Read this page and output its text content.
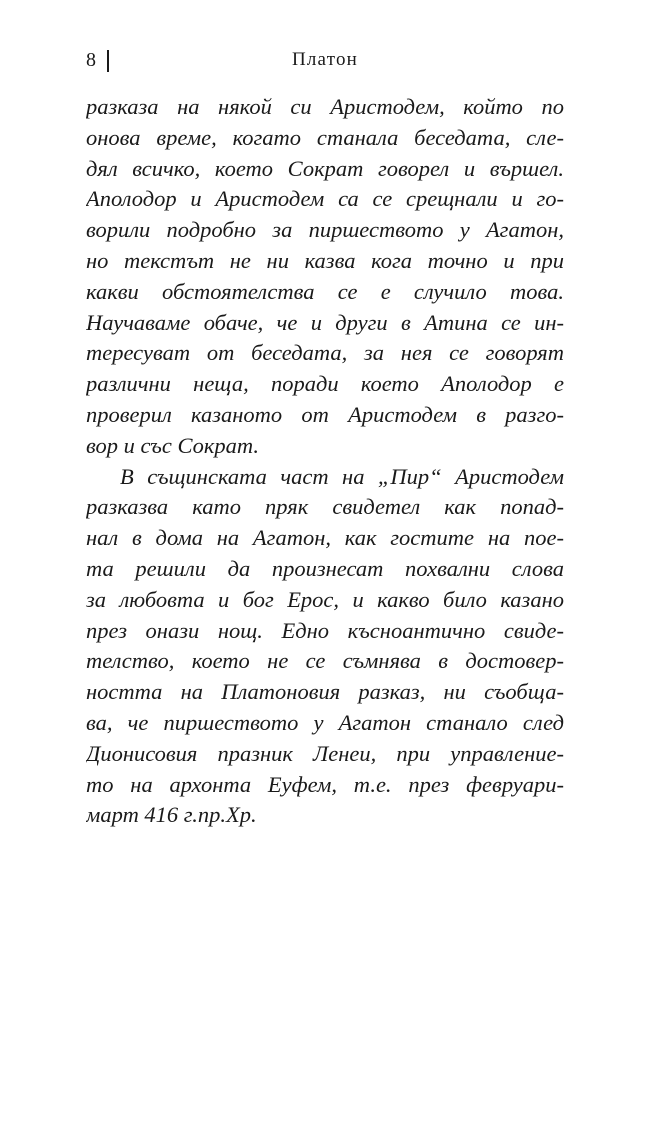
8	Платон
разказа на някой си Аристодем, който по
онова време, когато станала беседата, сле-
дял всичко, което Сократ говорел и вършел.
Аполодор и Аристодем са се срещнали и го-
ворили подробно за пиршеството у Агатон,
но текстът не ни казва кога точно и при
какви обстоятелства се е случило това.
Научаваме обаче, че и други в Атина се ин-
тересуват от беседата, за нея се говорят
различни неща, поради което Аполодор е
проверил казаното от Аристодем в разго-
вор и със Сократ.
В същинската част на „Пир“ Аристодем
разказва като пряк свидетел как попад-
нал в дома на Агатон, как гостите на поe-
та решили да произнесат похвални слова
за любовта и бог Ерос, и какво било казано
през онази нощ. Едно късноантично свиде-
телство, което не се съмнява в достовер-
ността на Платоновия разказ, ни съобща-
ва, че пиршеството у Агатон станало след
Дионисовия празник Ленеи, при управление-
то на архонта Еуфем, т.е. през февруари-
март 416 г.пр.Хр.
